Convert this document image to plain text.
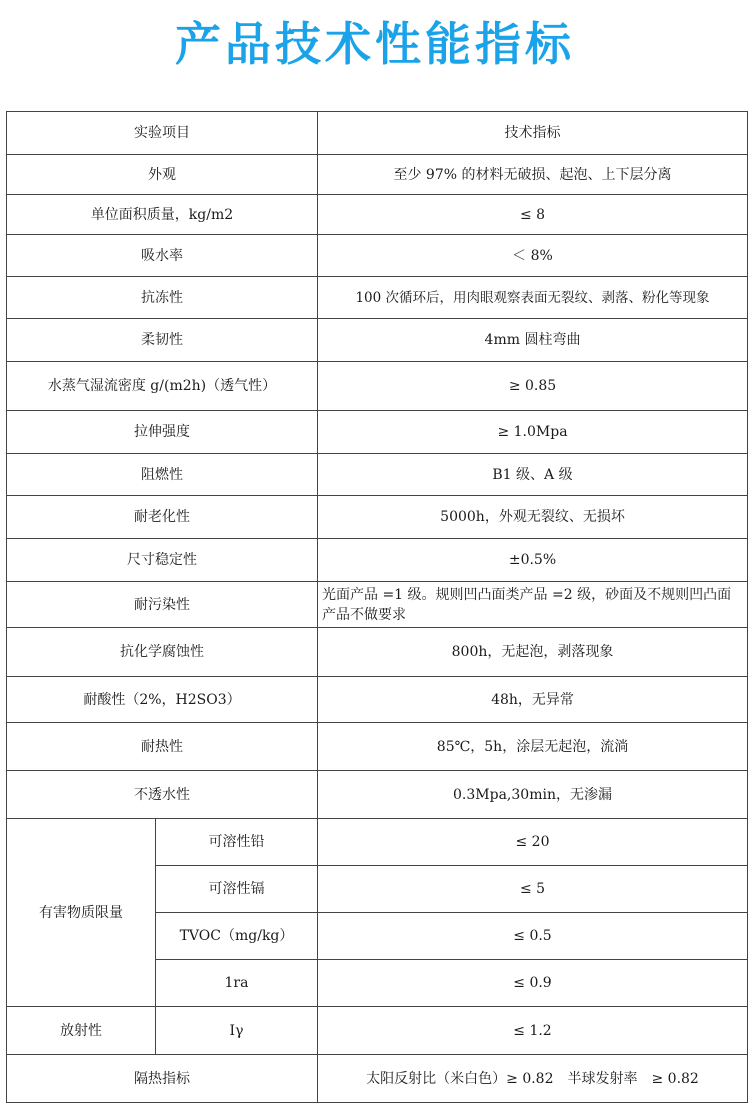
产品技术性能指标
实验项目		技术指标
外观		至少 97% 的材料无破损、起泡、上下层分离
单位面积质量，kg/m2		≤ 8
吸水率		＜ 8%
抗冻性		100 次循环后，用肉眼观察表面无裂纹、剥落、粉化等现象
柔韧性		4mm 圆柱弯曲
水蒸气湿流密度 g/(m2h)（透气性）		≥ 0.85
拉伸强度		≥ 1.0Mpa
阻燃性		B1 级、A 级
耐老化性		5000h，外观无裂纹、无损坏
尺寸稳定性		±0.5%
耐污染性		光面产品 =1 级。规则凹凸面类产品 =2 级，砂面及不规则凹凸面产品不做要求
抗化学腐蚀性		800h，无起泡，剥落现象
耐酸性（2%，H2SO3）		48h，无异常
耐热性		85℃，5h，涂层无起泡，流淌
不透水性		0.3Mpa,30min，无渗漏
有害物质限量	可溶性铅	≤ 20
	可溶性镉	≤ 5
	TVOC（mg/kg）	≤ 0.5
	1ra	≤ 0.9
放射性	Iγ	≤ 1.2
隔热指标		太阳反射比（米白色）≥ 0.82　半球发射率　≥ 0.82
